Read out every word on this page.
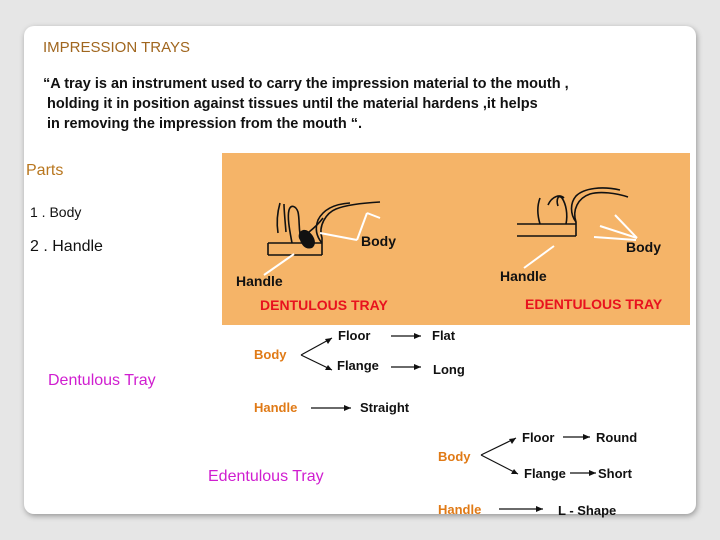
IMPRESSION TRAYS
“A tray is an instrument used to carry the impression material to the mouth ,
holding it in position against tissues until the material hardens ,it helps
in removing the impression from the mouth “.
Parts
1 . Body
2 . Handle	Body
Handle
DENTULOUS TRAY
Body
Handle
EDENTULOUS TRAY
Dentulous Tray
Body
Floor	Flat
Flange	Long
Handle	Straight
Edentulous Tray
Body
Floor	Round
Flange Short
Handle	L - Shape
